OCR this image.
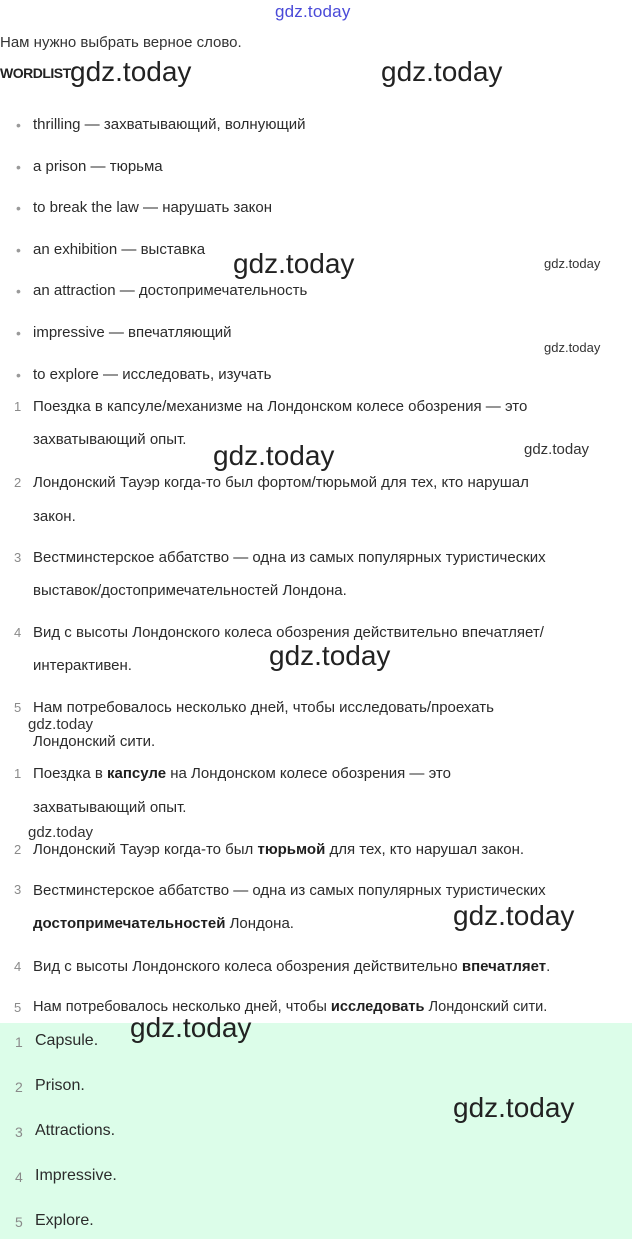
gdz.today
Нам нужно выбрать верное слово.
WORDLIST
• thrilling — захватывающий, волнующий
• a prison — тюрьма
• to break the law — нарушать закон
• an exhibition — выставка
• an attraction — достопримечательность
• impressive — впечатляющий
• to explore — исследовать, изучать
1 Поездка в капсуле/механизме на Лондонском колесе обозрения — это
захватывающий опыт.
2 Лондонский Тауэр когда-то был фортом/тюрьмой для тех, кто нарушал
закон.
3 Вестминстерское аббатство — одна из самых популярных туристических
выставок/достопримечательностей Лондона.
4 Вид с высоты Лондонского колеса обозрения действительно впечатляет/
интерактивен.
5 Нам потребовалось несколько дней, чтобы исследовать/проехать
Лондонский сити.
1 Поездка в капсуле на Лондонском колесе обозрения — это
захватывающий опыт.
2 Лондонский Тауэр когда-то был тюрьмой для тех, кто нарушал закон.
3 Вестминстерское аббатство — одна из самых популярных туристических
достопримечательностей Лондона.
4 Вид с высоты Лондонского колеса обозрения действительно впечатляет.
5 Нам потребовалось несколько дней, чтобы исследовать Лондонский сити.
1 Capsule.
2 Prison.
3 Attractions.
4 Impressive.
5 Explore.
gdz.today	gdz.today
gdz.today	gdz.today
gdz.today
gdz.today	gdz.today
gdz.today
gdz.today
gdz.today
gdz.today
gdz.today
gdz.today
